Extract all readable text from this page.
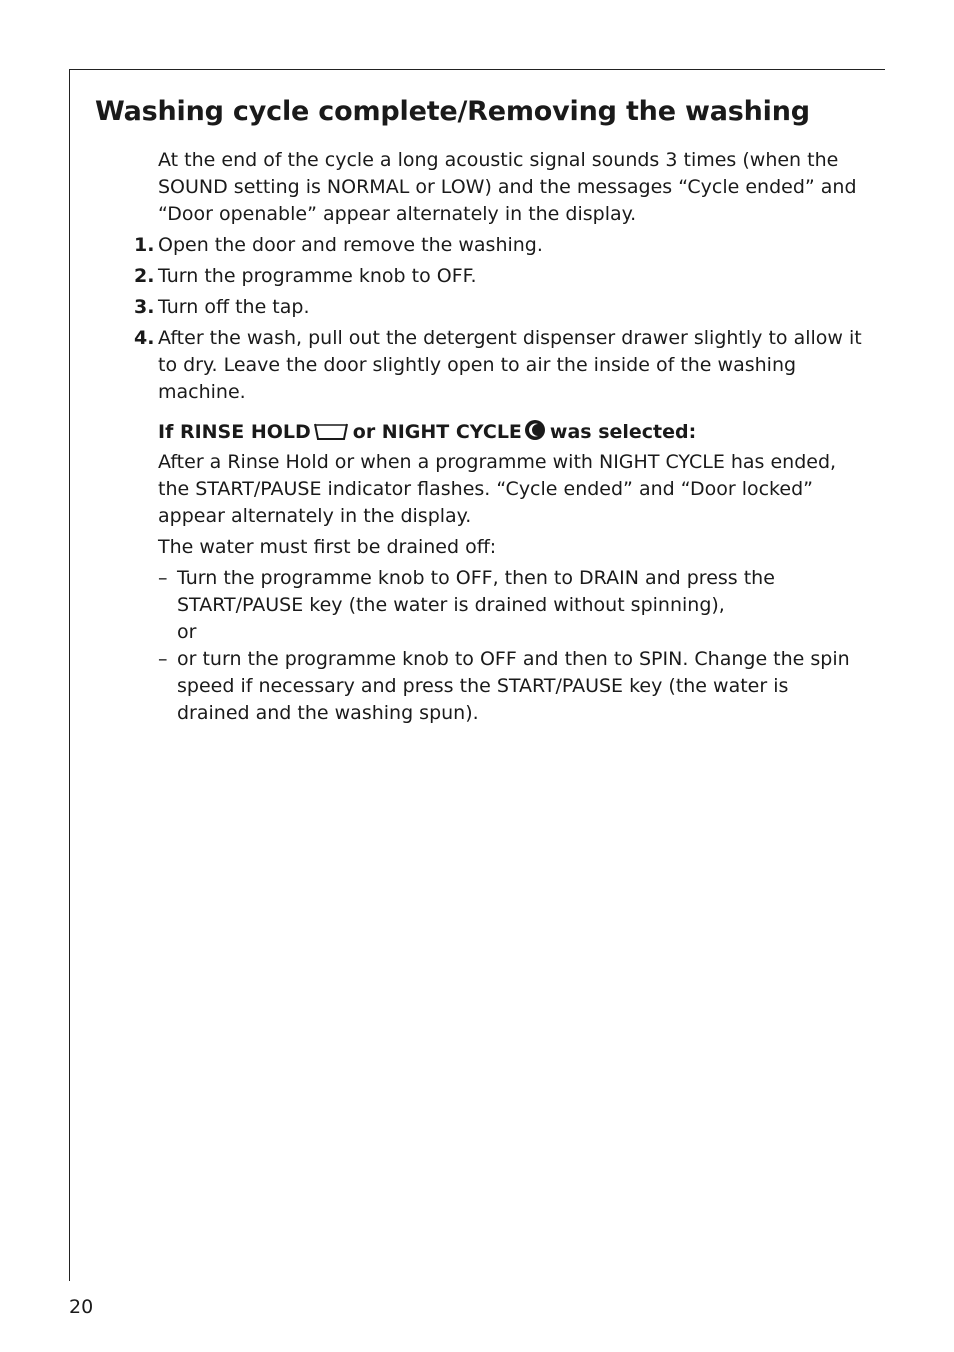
Washing cycle complete/Removing the washing

At the end of the cycle a long acoustic signal sounds 3 times (when the SOUND setting is NORMAL or LOW) and the messages “Cycle ended” and “Door openable” appear alternately in the display.

1. Open the door and remove the washing.
2. Turn the programme knob to OFF.
3. Turn off the tap.
4. After the wash, pull out the detergent dispenser drawer slightly to allow it to dry. Leave the door slightly open to air the inside of the washing machine.

If RINSE HOLD or NIGHT CYCLE was selected:
After a Rinse Hold or when a programme with NIGHT CYCLE has ended, the START/PAUSE indicator flashes. “Cycle ended” and “Door locked” appear alternately in the display.

The water must first be drained off:

– Turn the programme knob to OFF, then to DRAIN and press the START/PAUSE key (the water is drained without spinning),
or
– or turn the programme knob to OFF and then to SPIN. Change the spin speed if necessary and press the START/PAUSE key (the water is drained and the washing spun).
20
